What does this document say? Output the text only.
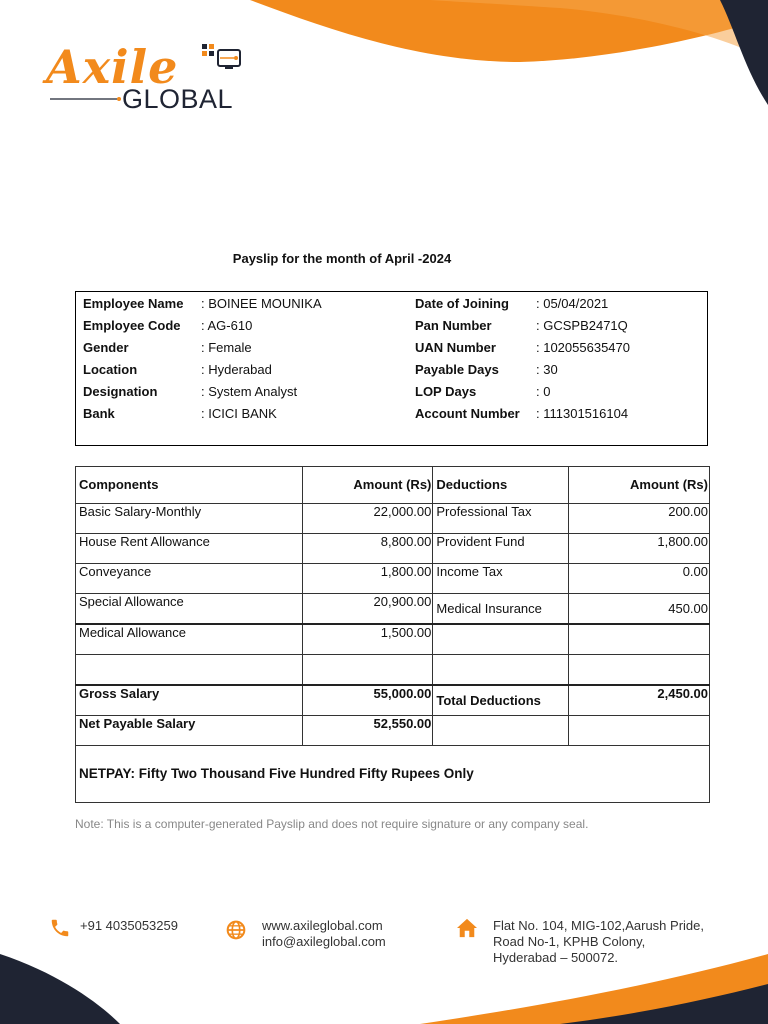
Axile
GLOBAL
Payslip for the month of April -2024
Employee Name : BOINEE MOUNIKA
Employee Code : AG-610
Gender	: Female
Location	: Hyderabad
Designation	: System Analyst
Bank	: ICICI BANK
Date of Joining : 05/04/2021
Pan Number	: GCSPB2471Q
UAN Number	: 102055635470
Payable Days	: 30
LOP Days	: 0
Account Number : 111301516104
Components	Amount (Rs)	Deductions	Amount (Rs)
Basic Salary-Monthly	22,000.00	Professional Tax	200.00
House Rent Allowance	8,800.00	Provident Fund	1,800.00
Conveyance	1,800.00	Income Tax	0.00
Special Allowance	20,900.00	Medical Insurance	450.00
Medical Allowance	1,500.00		

Gross Salary	55,000.00	Total Deductions	2,450.00
Net Payable Salary	52,550.00		
NETPAY: Fifty Two Thousand Five Hundred Fifty Rupees Only			
Note: This is a computer-generated Payslip and does not require signature or any company seal.
+91 4035053259	www.axileglobal.com
info@axileglobal.com
Flat No. 104, MIG-102,Aarush Pride,
Road No-1, KPHB Colony,
Hyderabad – 500072.
